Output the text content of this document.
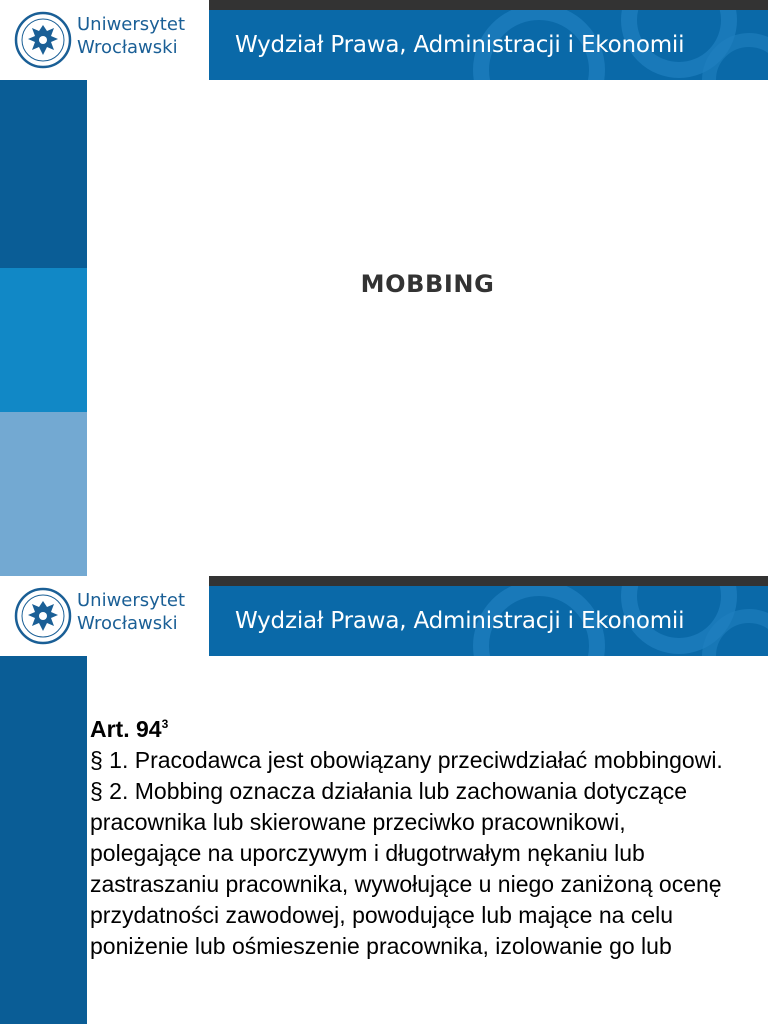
Uniwersytet
Wrocławski	Wydział Prawa, Administracji i Ekonomii
MOBBING
Uniwersytet
Wrocławski	Wydział Prawa, Administracji i Ekonomii

Art. $94^3$

§ 1. Pracodawca jest obowiązany przeciwdziałać mobbingowi.

§ 2. Mobbing oznacza działania lub zachowania dotyczące pracownika lub skierowane przeciwko pracownikowi, polegające na uporczywym i długotrwałym nękaniu lub zastraszaniu pracownika, wywołujące u niego zaniżoną ocenę przydatności zawodowej, powodujące lub mające na celu poniżenie lub ośmieszenie pracownika, izolowanie go lub
